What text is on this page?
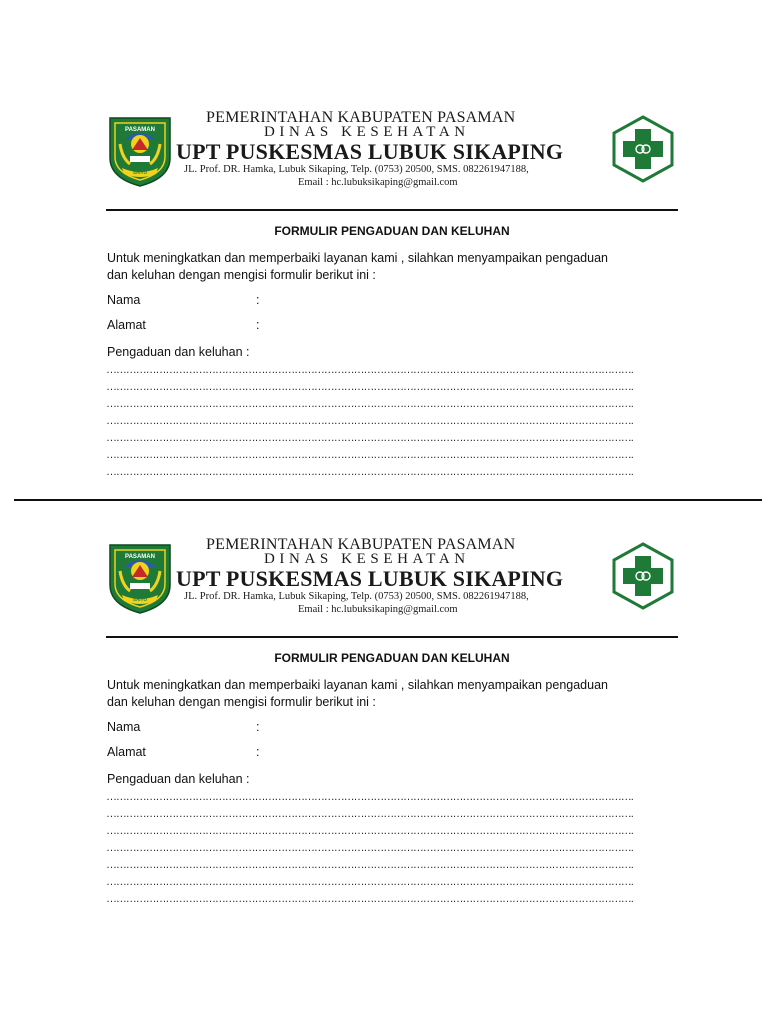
PASAMAN
SAIYO
PEMERINTAHAN KABUPATEN PASAMAN
DINAS KESEHATAN
UPT PUSKESMAS LUBUK SIKAPING
JL. Prof. DR. Hamka, Lubuk Sikaping, Telp. (0753) 20500, SMS. 082261947188,
Email : hc.lubuksikaping@gmail.com
FORMULIR PENGADUAN DAN KELUHAN
Untuk meningkatkan dan memperbaiki layanan kami , silahkan menyampaikan pengaduan
dan keluhan dengan mengisi formulir berikut ini :
Nama	:
Alamat	:
Pengaduan dan keluhan :
…………………………………………………………………………………………………………………………………………….
…………………………………………………………………………………………………………………………………………….
…………………………………………………………………………………………………………………………………………….
…………………………………………………………………………………………………………………………………………….
…………………………………………………………………………………………………………………………………………….
…………………………………………………………………………………………………………………………………………….
…………………………………………………………………………………………………………………………………………….
PASAMAN
SAIYO
PEMERINTAHAN KABUPATEN PASAMAN
DINAS KESEHATAN
UPT PUSKESMAS LUBUK SIKAPING
JL. Prof. DR. Hamka, Lubuk Sikaping, Telp. (0753) 20500, SMS. 082261947188,
Email : hc.lubuksikaping@gmail.com
FORMULIR PENGADUAN DAN KELUHAN
Untuk meningkatkan dan memperbaiki layanan kami , silahkan menyampaikan pengaduan
dan keluhan dengan mengisi formulir berikut ini :
Nama	:
Alamat	:
Pengaduan dan keluhan :
…………………………………………………………………………………………………………………………………………….
…………………………………………………………………………………………………………………………………………….
…………………………………………………………………………………………………………………………………………….
…………………………………………………………………………………………………………………………………………….
…………………………………………………………………………………………………………………………………………….
…………………………………………………………………………………………………………………………………………….
…………………………………………………………………………………………………………………………………………….
